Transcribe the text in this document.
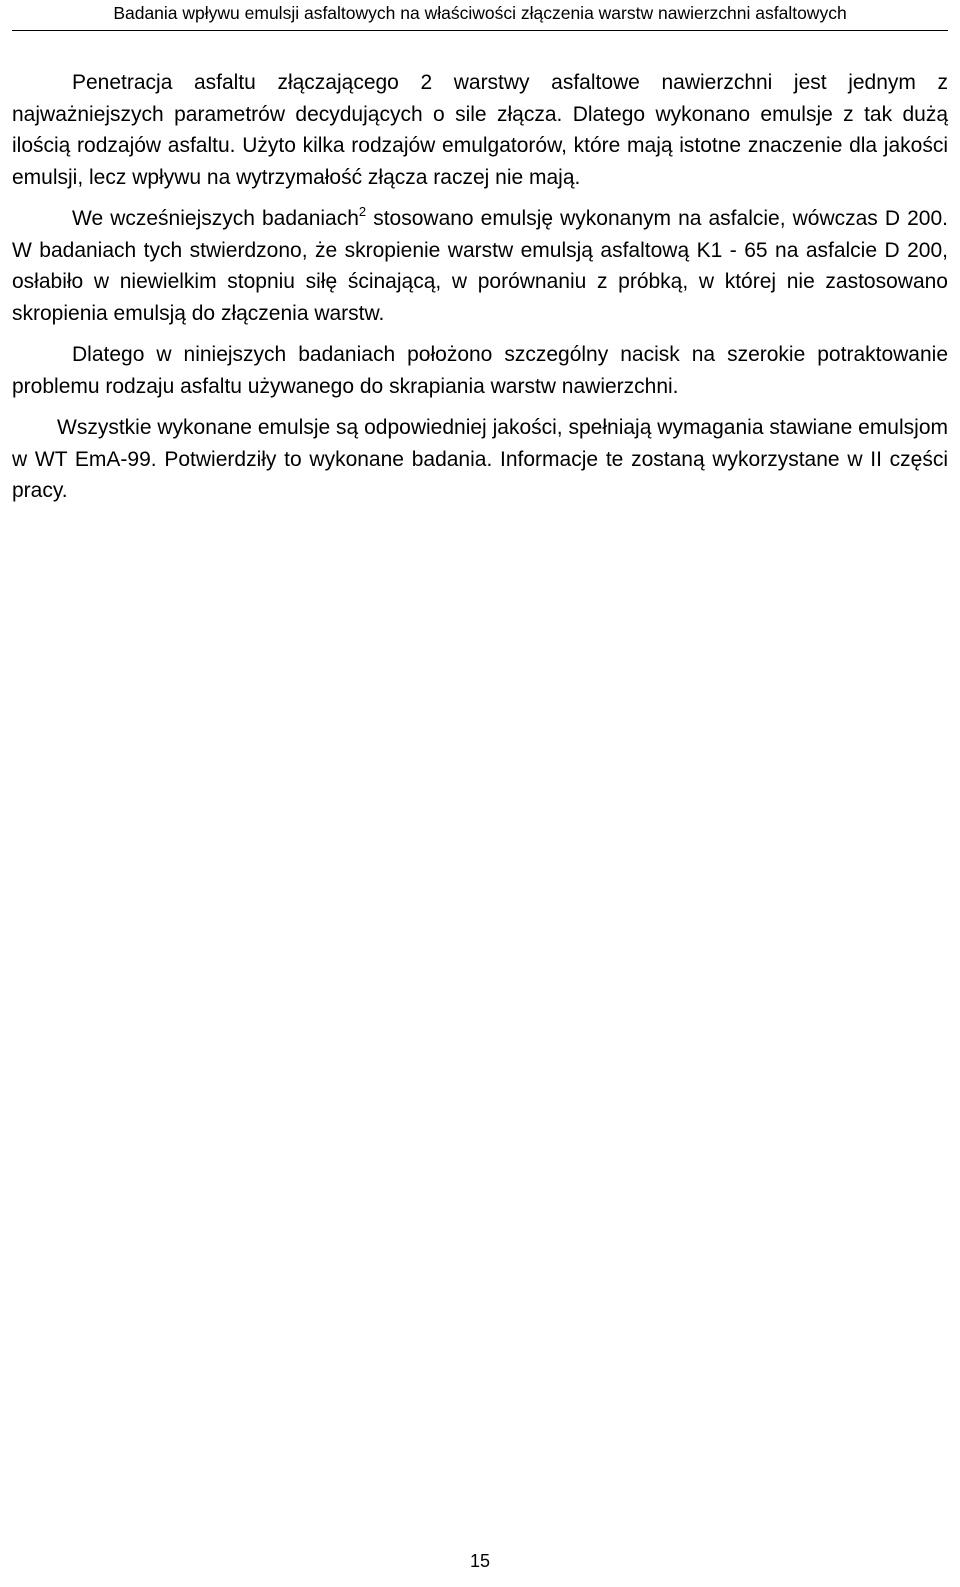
Badania wpływu emulsji asfaltowych na właściwości złączenia warstw nawierzchni asfaltowych

Penetracja asfaltu złączającego 2 warstwy asfaltowe nawierzchni jest jednym z najważniejszych parametrów decydujących o sile złącza. Dlatego wykonano emulsje z tak dużą ilością rodzajów asfaltu. Użyto kilka rodzajów emulgatorów, które mają istotne znaczenie dla jakości emulsji, lecz wpływu na wytrzymałość złącza raczej nie mają.

We wcześniejszych badaniach$^2$ stosowano emulsję wykonanym na asfalcie, wówczas D 200. W badaniach tych stwierdzono, że skropienie warstw emulsją asfaltową K1 - 65 na asfalcie D 200, osłabiło w niewielkim stopniu siłę ścinającą, w porównaniu z próbką, w której nie zastosowano skropienia emulsją do złączenia warstw.

Dlatego w niniejszych badaniach położono szczególny nacisk na szerokie potraktowanie problemu rodzaju asfaltu używanego do skrapiania warstw nawierzchni.

Wszystkie wykonane emulsje są odpowiedniej jakości, spełniają wymagania stawiane emulsjom w WT EmA-99. Potwierdziły to wykonane badania. Informacje te zostaną wykorzystane w II części pracy.

15
